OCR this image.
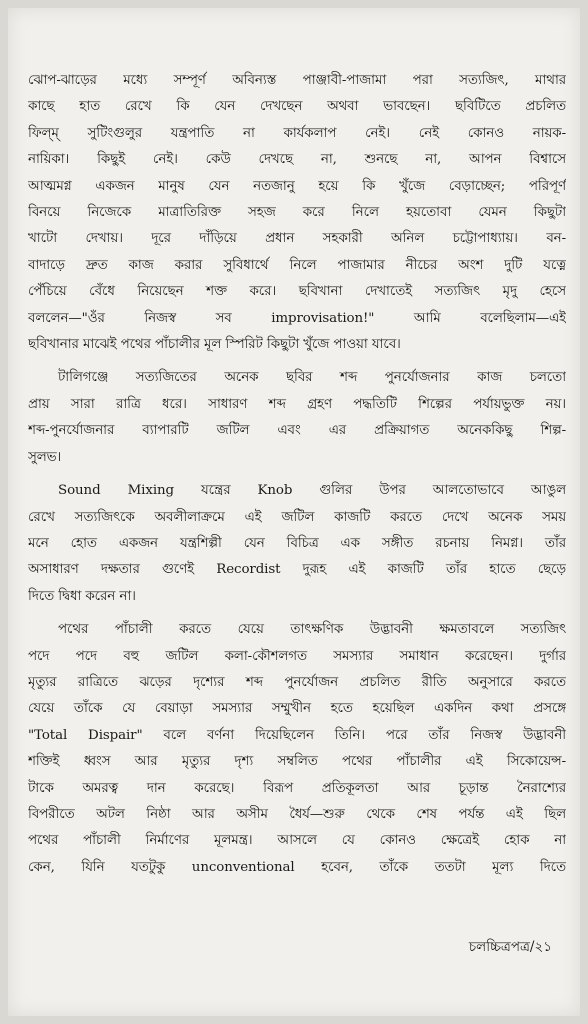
ঝোপ-ঝাড়ের মধ্যে সম্পূর্ণ অবিন্যস্ত পাঞ্জাবী-পাজামা পরা সত্যজিৎ, মাথার
কাছে হাত রেখে কি যেন দেখছেন অথবা ভাবছেন। ছবিটিতে প্রচলিত
ফিল্ম্‌ সুটিংগুলুর যন্ত্রপাতি না কার্যকলাপ নেই। নেই কোনও নায়ক-
নায়িকা। কিছুই নেই। কেউ দেখছে না, শুনছে না, আপন বিশ্বাসে
আত্মমগ্ন একজন মানুষ যেন নতজানু হয়ে কি খুঁজে বেড়াচ্ছেন; পরিপূর্ণ
বিনয়ে নিজেকে মাত্রাতিরিক্ত সহজ করে নিলে হয়তোবা যেমন কিছুটা
খাটো দেখায়। দূরে দাঁড়িয়ে প্রধান সহকারী অনিল চট্টোপাধ্যায়। বন-
বাদাড়ে দ্রুত কাজ করার সুবিধার্থে নিলে পাজামার নীচের অংশ দুটি যত্নে
পেঁচিয়ে বেঁধে নিয়েছেন শক্ত করে। ছবিখানা দেখাতেই সত্যজিৎ মৃদু হেসে
বললেন—"ওঁর নিজস্ব সব improvisation!" আমি বলেছিলাম—এই
ছবিখানার মাঝেই পথের পাঁচালীর মূল স্পিরিট কিছুটা খুঁজে পাওয়া যাবে।
টালিগঞ্জে সত্যজিতের অনেক ছবির শব্দ পুনর্যোজনার কাজ চলতো
প্রায় সারা রাত্রি ধরে। সাধারণ শব্দ গ্রহণ পদ্ধতিটি শিল্পের পর্যায়ভুক্ত নয়।
শব্দ-পুনর্যোজনার ব্যাপারটি জটিল এবং এর প্রক্রিয়াগত অনেককিছু শিল্প-
সুলভ।
Sound Mixing যন্ত্রের Knob গুলির উপর আলতোভাবে আঙুল
রেখে সত্যজিৎকে অবলীলাক্রমে এই জটিল কাজটি করতে দেখে অনেক সময়
মনে হোত একজন যন্ত্রশিল্পী যেন বিচিত্র এক সঙ্গীত রচনায় নিমগ্ন। তাঁর
অসাধারণ দক্ষতার গুণেই Recordist দুরূহ এই কাজটি তাঁর হাতে ছেড়ে
দিতে দ্বিধা করেন না।
পথের পাঁচালী করতে যেয়ে তাৎক্ষণিক উদ্ভাবনী ক্ষমতাবলে সত্যজিৎ
পদে পদে বহু জটিল কলা-কৌশলগত সমস্যার সমাধান করেছেন। দুর্গার
মৃত্যুর রাত্রিতে ঝড়ের দৃশ্যের শব্দ পুনর্যোজন প্রচলিত রীতি অনুসারে করতে
যেয়ে তাঁকে যে বেয়াড়া সমস্যার সম্মুখীন হতে হয়েছিল একদিন কথা প্রসঙ্গে
"Total Dispair" বলে বর্ণনা দিয়েছিলেন তিনি। পরে তাঁর নিজস্ব উদ্ভাবনী
শক্তিই ধ্বংস আর মৃত্যুর দৃশ্য সম্বলিত পথের পাঁচালীর এই সিকোয়েন্স-
টাকে অমরত্ব দান করেছে। বিরূপ প্রতিকূলতা আর চূড়ান্ত নৈরাশ্যের
বিপরীতে অটল নিষ্ঠা আর অসীম ধৈর্য—শুরু থেকে শেষ পর্যন্ত এই ছিল
পথের পাঁচালী নির্মাণের মূলমন্ত্র। আসলে যে কোনও ক্ষেত্রেই হোক না
কেন, যিনি যতটুকু unconventional হবেন, তাঁকে ততটা মূল্য দিতে
চলচ্চিত্রপত্র/২১
